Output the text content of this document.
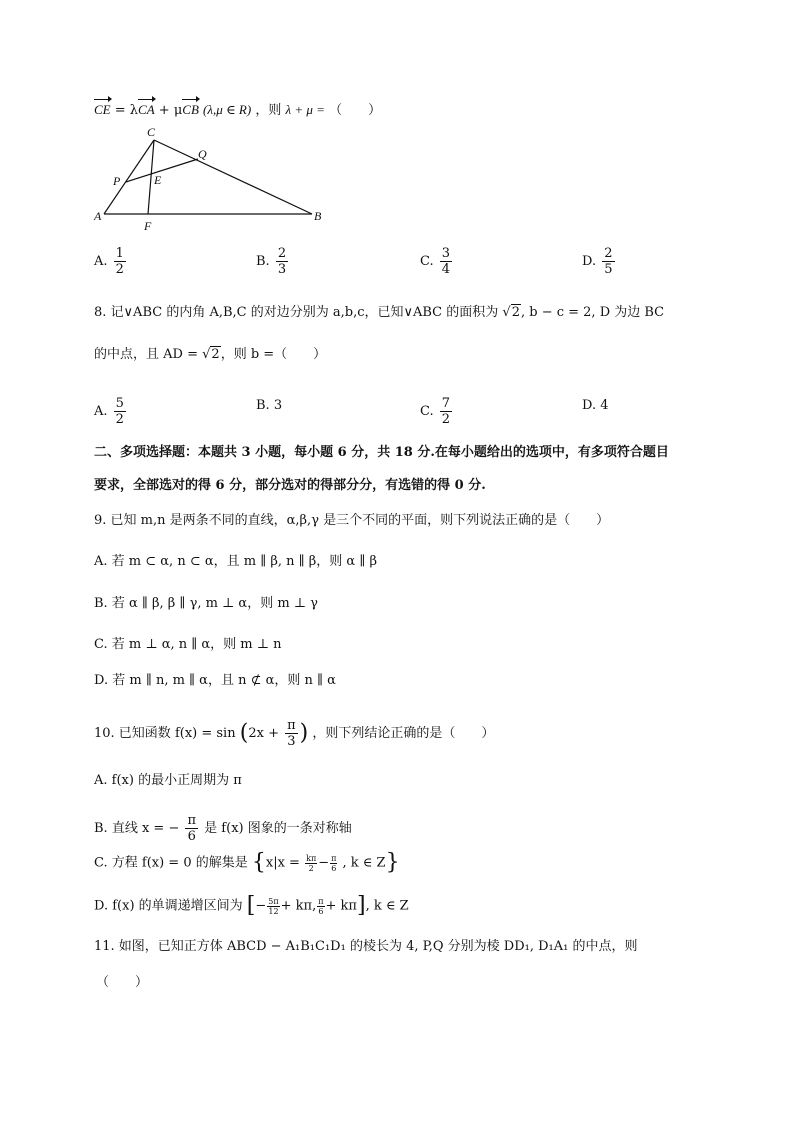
CE = λCA + μCB (λ,μ ∈ R) ，则 λ + μ = （　　）
A	B
C
P
Q
E
F
A. $\frac{1}{2}$	B. $\frac{2}{3}$	C. $\frac{3}{4}$	D. $\frac{2}{5}$
8. 记∨ABC 的内角 A,B,C 的对边分别为 a,b,c，已知∨ABC 的面积为 √2, b − c = 2, D 为边 BC
的中点，且 AD = √2，则 b =（　　）
A. $\frac{5}{2}$	B. 3	C. $\frac{7}{2}$	D. 4
二、多项选择题：本题共 3 小题，每小题 6 分，共 18 分.在每小题给出的选项中，有多项符合题目
要求，全部选对的得 6 分，部分选对的得部分分，有选错的得 0 分.
9. 已知 m,n 是两条不同的直线，α,β,γ 是三个不同的平面，则下列说法正确的是（　　）
A. 若 m ⊂ α, n ⊂ α，且 m ∥ β, n ∥ β，则 α ∥ β
B. 若 α ∥ β, β ∥ γ, m ⊥ α，则 m ⊥ γ
C. 若 m ⊥ α, n ∥ α，则 m ⊥ n
D. 若 m ∥ n, m ∥ α，且 n ⊄ α，则 n ∥ α
10. 已知函数 $f(x) = \sin (2x + \frac{\pi}{3}$ ) ，则下列结论正确的是（　　）
A. f(x) 的最小正周期为 π
B. 直线 x = − $\frac{\pi}{6}$ 是 f(x) 图象的一条对称轴
C. 方程 f(x) = 0 的解集是 {$x|x = \frac{k\pi}{2} - \frac{\pi}{6}$ , k ∈ Z}
D. f(x) 的单调递增区间为 [− $\frac{5\pi}{12} + k\pi$, $\frac{\pi}{6} + k\pi$], k ∈ Z
11. 如图，已知正方体 ABCD − A₁B₁C₁D₁ 的棱长为 4, P,Q 分别为棱 DD₁, D₁A₁ 的中点，则
（　　）
